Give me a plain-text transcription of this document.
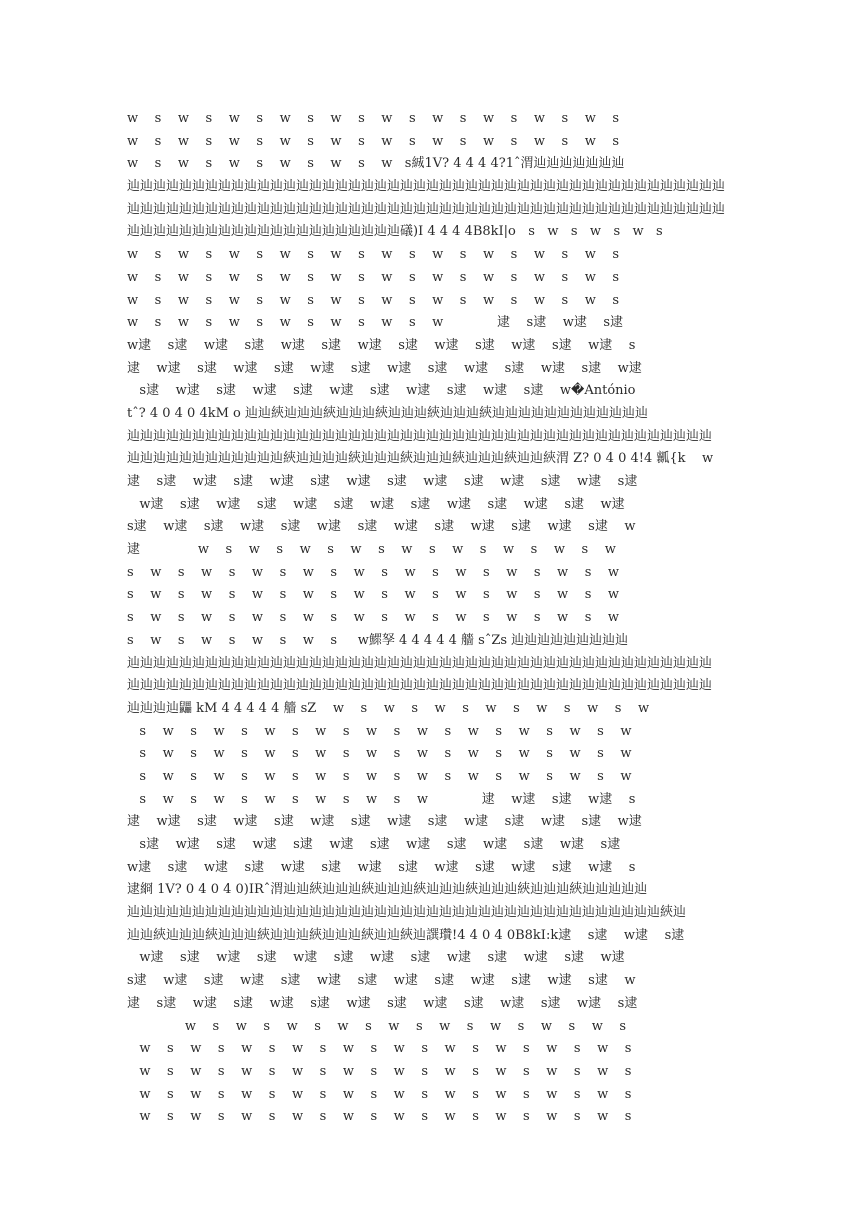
w    s    w    s    w    s    w    s    w    s    w    s    w    s    w    s    w    s    w    s
w    s    w    s    w    s    w    s    w    s    w    s    w    s    w    s    w    s    w    s
w    s    w    s    w    s    w    s    w    s    w   s絾1V? 4 4 4 4?1ˆ渭辿辿辿辿辿辿辿
辿辿辿辿辿辿辿辿辿辿辿辿辿辿辿辿辿辿辿辿辿辿辿辿辿辿辿辿辿辿辿辿辿辿辿辿辿辿辿辿辿辿辿辿辿辿
辿辿辿辿辿辿辿辿辿辿辿辿辿辿辿辿辿辿辿辿辿辿辿辿辿辿辿辿辿辿辿辿辿辿辿辿辿辿辿辿辿辿辿辿辿辿
辿辿辿辿辿辿辿辿辿辿辿辿辿辿辿辿辿辿辿辿辿礒)I 4 4 4 4B8kI|o   s   w   s   w   s   w   s
w    s    w    s    w    s    w    s    w    s    w    s    w    s    w    s    w    s    w    s
w    s    w    s    w    s    w    s    w    s    w    s    w    s    w    s    w    s    w    s
w    s    w    s    w    s    w    s    w    s    w    s    w    s    w    s    w    s    w    s
w    s    w    s    w    s    w    s    w    s    w    s    w             逮    s逮    w逮    s逮
w逮    s逮    w逮    s逮    w逮    s逮    w逮    s逮    w逮    s逮    w逮    s逮    w逮    s
逮    w逮    s逮    w逮    s逮    w逮    s逮    w逮    s逮    w逮    s逮    w逮    s逮    w逮
s逮    w逮    s逮    w逮    s逮    w逮    s逮    w逮    s逮    w逮    s逮    w�António
tˆ? 4 0 4 0 4kM o 辿辿綊辿辿辿綊辿辿辿綊辿辿辿綊辿辿辿綊辿辿辿辿辿辿辿辿辿辿辿辿
辿辿辿辿辿辿辿辿辿辿辿辿辿辿辿辿辿辿辿辿辿辿辿辿辿辿辿辿辿辿辿辿辿辿辿辿辿辿辿辿辿辿辿辿辿
辿辿辿辿辿辿辿辿辿辿辿辿綊辿辿辿辿綊辿辿辿綊辿辿辿綊辿辿辿綊辿辿綊渭 Z? 0 4 0 4!4 瓤{k    w
逮    s逮    w逮    s逮    w逮    s逮    w逮    s逮    w逮    s逮    w逮    s逮    w逮    s逮
w逮    s逮    w逮    s逮    w逮    s逮    w逮    s逮    w逮    s逮    w逮    s逮    w逮
s逮    w逮    s逮    w逮    s逮    w逮    s逮    w逮    s逮    w逮    s逮    w逮    s逮    w
逮              w    s    w    s    w    s    w    s    w    s    w    s    w    s    w    s    w
s    w    s    w    s    w    s    w    s    w    s    w    s    w    s    w    s    w    s    w
s    w    s    w    s    w    s    w    s    w    s    w    s    w    s    w    s    w    s    w
s    w    s    w    s    w    s    w    s    w    s    w    s    w    s    w    s    w    s    w
s    w    s    w    s    w    s    w    s     w鰥孥 4 4 4 4 4 艢 sˆZs 辿辿辿辿辿辿辿辿辿
辿辿辿辿辿辿辿辿辿辿辿辿辿辿辿辿辿辿辿辿辿辿辿辿辿辿辿辿辿辿辿辿辿辿辿辿辿辿辿辿辿辿辿辿辿
辿辿辿辿辿辿辿辿辿辿辿辿辿辿辿辿辿辿辿辿辿辿辿辿辿辿辿辿辿辿辿辿辿辿辿辿辿辿辿辿辿辿辿辿辿
辿辿辿辿鼺 kM 4 4 4 4 4 艢 sZ    w    s    w    s    w    s    w    s    w    s    w    s    w
s    w    s    w    s    w    s    w    s    w    s    w    s    w    s    w    s    w    s    w
s    w    s    w    s    w    s    w    s    w    s    w    s    w    s    w    s    w    s    w
s    w    s    w    s    w    s    w    s    w    s    w    s    w    s    w    s    w    s    w
s    w    s    w    s    w    s    w    s    w    s    w             逮    w逮    s逮    w逮    s
逮    w逮    s逮    w逮    s逮    w逮    s逮    w逮    s逮    w逮    s逮    w逮    s逮    w逮
s逮    w逮    s逮    w逮    s逮    w逮    s逮    w逮    s逮    w逮    s逮    w逮    s逮
w逮    s逮    w逮    s逮    w逮    s逮    w逮    s逮    w逮    s逮    w逮    s逮    w逮    s
逮綗 1V? 0 4 0 4 0)IRˆ渭辿辿綊辿辿辿綊辿辿辿綊辿辿辿綊辿辿辿綊辿辿辿綊辿辿辿辿辿
辿辿辿辿辿辿辿辿辿辿辿辿辿辿辿辿辿辿辿辿辿辿辿辿辿辿辿辿辿辿辿辿辿辿辿辿辿辿辿辿辿綊辿
辿辿綊辿辿辿綊辿辿辿綊辿辿辿綊辿辿辿綊辿辿綊辿譔瓚!4 4 0 4 0B8kI:k逮    s逮    w逮    s逮
w逮    s逮    w逮    s逮    w逮    s逮    w逮    s逮    w逮    s逮    w逮    s逮    w逮
s逮    w逮    s逮    w逮    s逮    w逮    s逮    w逮    s逮    w逮    s逮    w逮    s逮    w
逮    s逮    w逮    s逮    w逮    s逮    w逮    s逮    w逮    s逮    w逮    s逮    w逮    s逮
w    s    w    s    w    s    w    s    w    s    w    s    w    s    w    s    w    s
w    s    w    s    w    s    w    s    w    s    w    s    w    s    w    s    w    s    w    s
w    s    w    s    w    s    w    s    w    s    w    s    w    s    w    s    w    s    w    s
w    s    w    s    w    s    w    s    w    s    w    s    w    s    w    s    w    s    w    s
w    s    w    s    w    s    w    s    w    s    w    s    w    s    w    s    w    s    w    s
